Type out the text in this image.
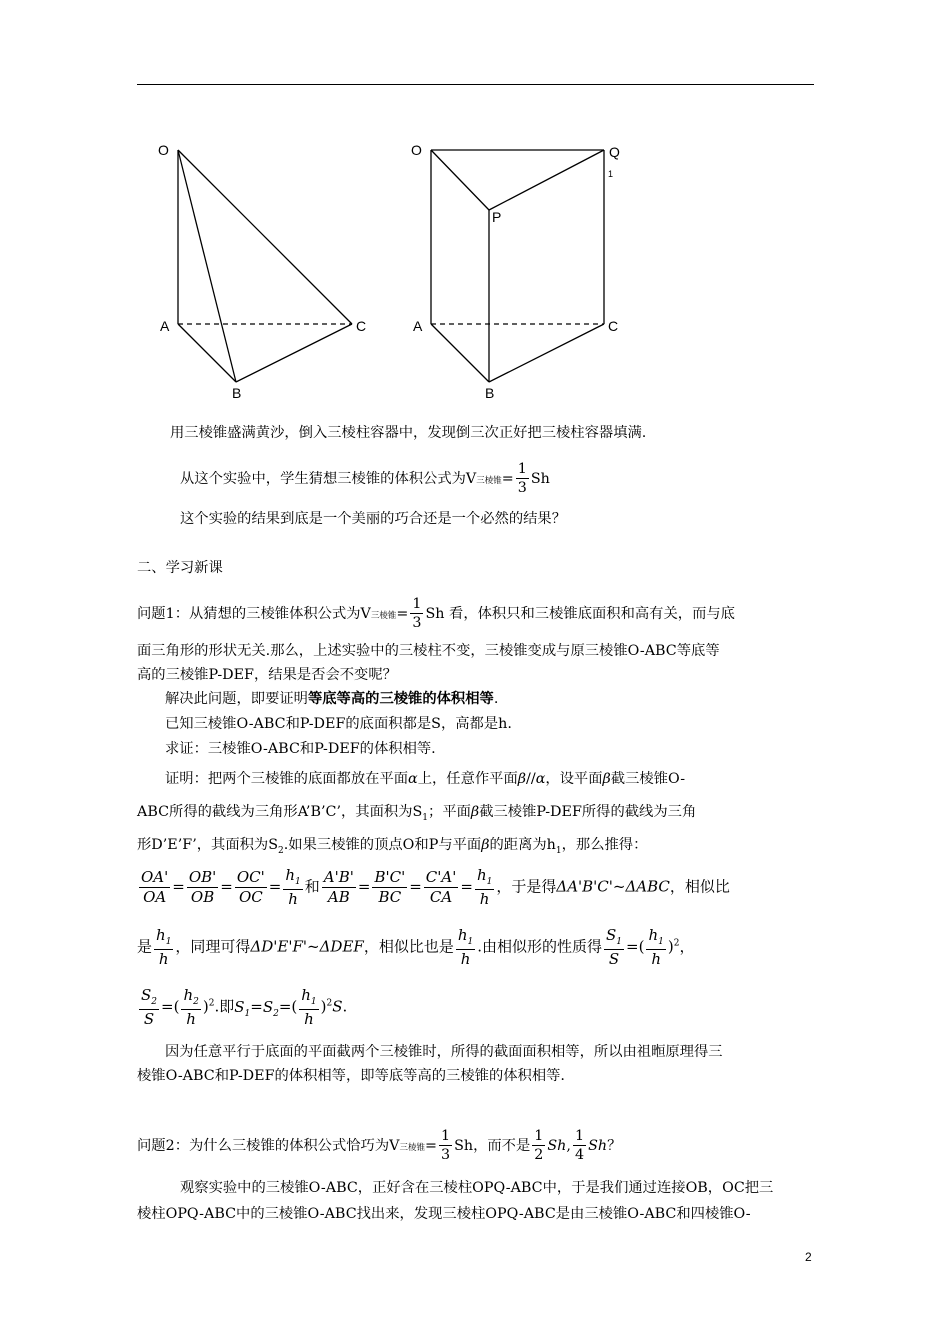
O
A
B
C
O	Q
1
P
A
B
C
用三棱锥盛满黄沙，倒入三棱柱容器中，发现倒三次正好把三棱柱容器填满.
从这个实验中，学生猜想三棱锥的体积公式为V三棱锥= $\frac{1}{3}$ Sh
这个实验的结果到底是一个美丽的巧合还是一个必然的结果？
二、学习新课
问题1：从猜想的三棱锥体积公式为V三棱锥= $\frac{1}{3}$ Sh 看，体积只和三棱锥底面积和高有关，而与底
面三角形的形状无关.那么，上述实验中的三棱柱不变，三棱锥变成与原三棱锥O-ABC等底等
高的三棱锥P-DEF，结果是否会不变呢？
解决此问题，即要证明等底等高的三棱锥的体积相等.
已知三棱锥O-ABC和P-DEF的底面积都是S，高都是h.
求证：三棱锥O-ABC和P-DEF的体积相等.
证明：把两个三棱锥的底面都放在平面α上，任意作平面β//α，设平面β截三棱锥O-
ABC所得的截线为三角形A’B’C’，其面积为$S_1$；平面β截三棱锥P-DEF所得的截线为三角
形D’E’F’，其面积为$S_2$.如果三棱锥的顶点O和P与平面β的距离为$h_1$，那么推得：
$\frac{OA'}{OA} = \frac{OB'}{OB} = \frac{OC'}{OC} = \frac{h_1}{h}$ 和 $\frac{A'B'}{AB} = \frac{B'C'}{BC} = \frac{C'A'}{CA} = \frac{h_1}{h}$ ，于是得ΔA'B'C'~ΔABC，相似比
是 $\frac{h_1}{h}$ ，同理可得ΔD'E'F'~ΔDEF，相似比也是 $\frac{h_1}{h}$ .由相似形的性质得 $\frac{S_1}{S}$ =( $\frac{h_1}{h} )^2$，
$\frac{S_2}{S}$ =( $\frac{h_2}{h} )^2$.即$S_1=S_2=( \frac{h_1}{h} )^2S$.
因为任意平行于底面的平面截两个三棱锥时，所得的截面面积相等，所以由祖暅原理得三
棱锥O-ABC和P-DEF的体积相等，即等底等高的三棱锥的体积相等.
问题2：为什么三棱锥的体积公式恰巧为V三棱锥= $\frac{1}{3}$ Sh，而不是 $\frac{1}{2} Sh$, $\frac{1}{4}$ Sh？
观察实验中的三棱锥O-ABC，正好含在三棱柱OPQ-ABC中，于是我们通过连接OB，OC把三
棱柱OPQ-ABC中的三棱锥O-ABC找出来，发现三棱柱OPQ-ABC是由三棱锥O-ABC和四棱锥O-
2
